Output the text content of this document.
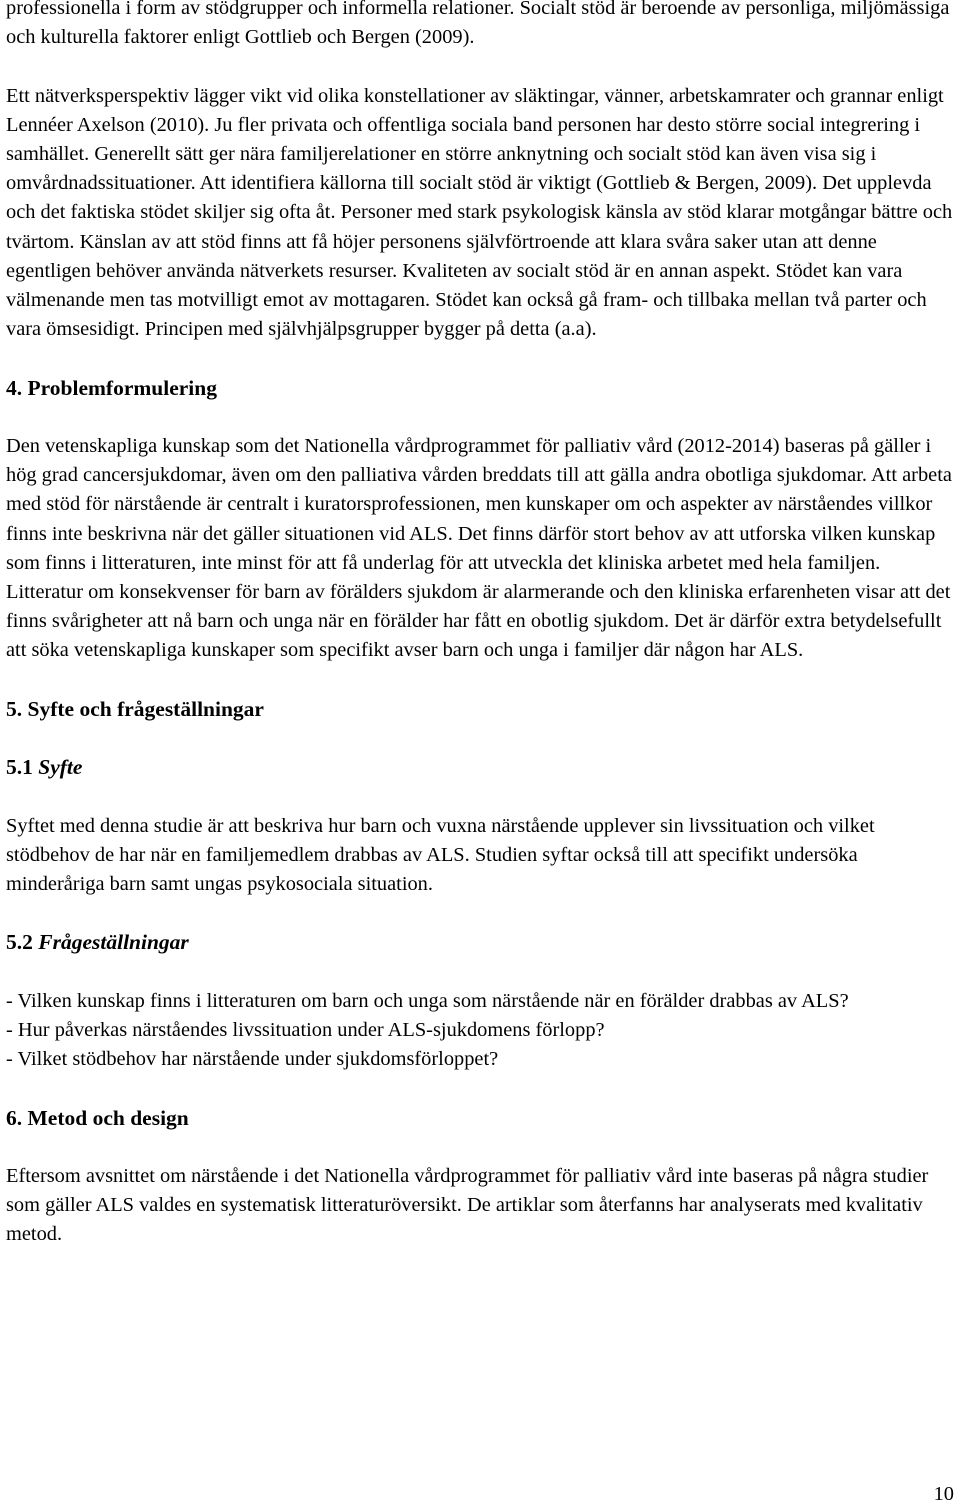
professionella i form av stödgrupper och informella relationer. Socialt stöd är beroende av personliga, miljömässiga och kulturella faktorer enligt Gottlieb och Bergen (2009).

Ett nätverksperspektiv lägger vikt vid olika konstellationer av släktingar, vänner, arbetskamrater och grannar enligt Lennéer Axelson (2010). Ju fler privata och offentliga sociala band personen har desto större social integrering i samhället. Generellt sätt ger nära familjerelationer en större anknytning och socialt stöd kan även visa sig i omvårdnadssituationer. Att identifiera källorna till socialt stöd är viktigt (Gottlieb & Bergen, 2009). Det upplevda och det faktiska stödet skiljer sig ofta åt. Personer med stark psykologisk känsla av stöd klarar motgångar bättre och tvärtom. Känslan av att stöd finns att få höjer personens självförtroende att klara svåra saker utan att denne egentligen behöver använda nätverkets resurser. Kvaliteten av socialt stöd är en annan aspekt. Stödet kan vara välmenande men tas motvilligt emot av mottagaren. Stödet kan också gå fram- och tillbaka mellan två parter och vara ömsesidigt. Principen med självhjälpsgrupper bygger på detta (a.a).

4. Problemformulering

Den vetenskapliga kunskap som det Nationella vårdprogrammet för palliativ vård (2012-2014) baseras på gäller i hög grad cancersjukdomar, även om den palliativa vården breddats till att gälla andra obotliga sjukdomar. Att arbeta med stöd för närstående är centralt i kuratorsprofessionen, men kunskaper om och aspekter av närståendes villkor finns inte beskrivna när det gäller situationen vid ALS. Det finns därför stort behov av att utforska vilken kunskap som finns i litteraturen, inte minst för att få underlag för att utveckla det kliniska arbetet med hela familjen. Litteratur om konsekvenser för barn av förälders sjukdom är alarmerande och den kliniska erfarenheten visar att det finns svårigheter att nå barn och unga när en förälder har fått en obotlig sjukdom. Det är därför extra betydelsefullt att söka vetenskapliga kunskaper som specifikt avser barn och unga i familjer där någon har ALS.

5. Syfte och frågeställningar
5.1 Syfte

Syftet med denna studie är att beskriva hur barn och vuxna närstående upplever sin livssituation och vilket stödbehov de har när en familjemedlem drabbas av ALS. Studien syftar också till att specifikt undersöka minderåriga barn samt ungas psykosociala situation.

5.2 Frågeställningar
- Vilken kunskap finns i litteraturen om barn och unga som närstående när en förälder drabbas av ALS?
- Hur påverkas närståendes livssituation under ALS-sjukdomens förlopp?
- Vilket stödbehov har närstående under sjukdomsförloppet?
6. Metod och design

Eftersom avsnittet om närstående i det Nationella vårdprogrammet för palliativ vård inte baseras på några studier som gäller ALS valdes en systematisk litteraturöversikt. De artiklar som återfanns har analyserats med kvalitativ metod.

10
